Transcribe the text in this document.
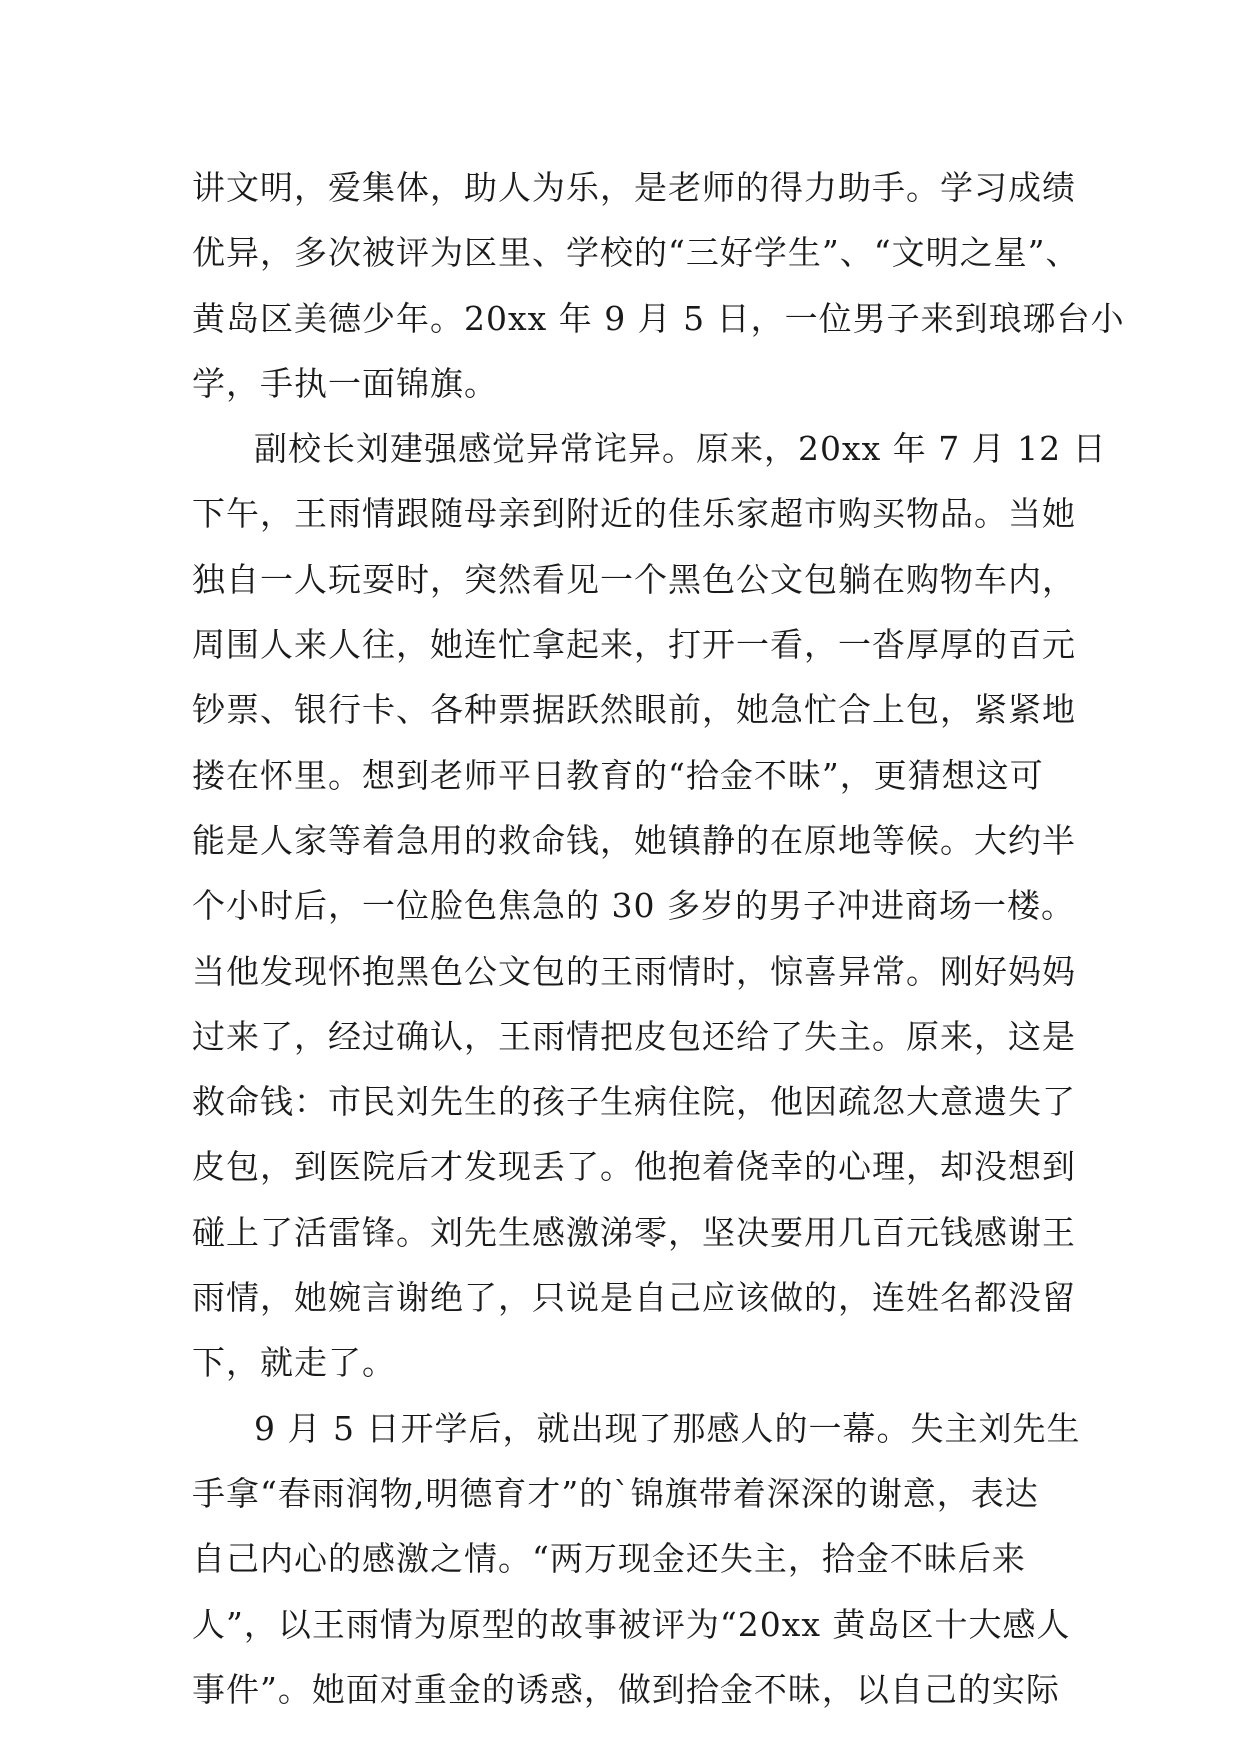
讲文明，爱集体，助人为乐，是老师的得力助手。学习成绩
优异，多次被评为区里、学校的“三好学生”、“文明之星”、
黄岛区美德少年。20xx 年 9 月 5 日，一位男子来到琅琊台小
学，手执一面锦旗。
副校长刘建强感觉异常诧异。原来，20xx 年 7 月 12 日
下午，王雨情跟随母亲到附近的佳乐家超市购买物品。当她
独自一人玩耍时，突然看见一个黑色公文包躺在购物车内，
周围人来人往，她连忙拿起来，打开一看，一沓厚厚的百元
钞票、银行卡、各种票据跃然眼前，她急忙合上包，紧紧地
搂在怀里。想到老师平日教育的“拾金不昧”，更猜想这可
能是人家等着急用的救命钱，她镇静的在原地等候。大约半
个小时后，一位脸色焦急的 30 多岁的男子冲进商场一楼。
当他发现怀抱黑色公文包的王雨情时，惊喜异常。刚好妈妈
过来了，经过确认，王雨情把皮包还给了失主。原来，这是
救命钱：市民刘先生的孩子生病住院，他因疏忽大意遗失了
皮包，到医院后才发现丢了。他抱着侥幸的心理，却没想到
碰上了活雷锋。刘先生感激涕零，坚决要用几百元钱感谢王
雨情，她婉言谢绝了，只说是自己应该做的，连姓名都没留
下，就走了。
9 月 5 日开学后，就出现了那感人的一幕。失主刘先生
手拿“春雨润物,明德育才”的`锦旗带着深深的谢意，表达
自己内心的感激之情。“两万现金还失主，拾金不昧后来
人”，以王雨情为原型的故事被评为“20xx 黄岛区十大感人
事件”。她面对重金的诱惑，做到拾金不昧，以自己的实际
